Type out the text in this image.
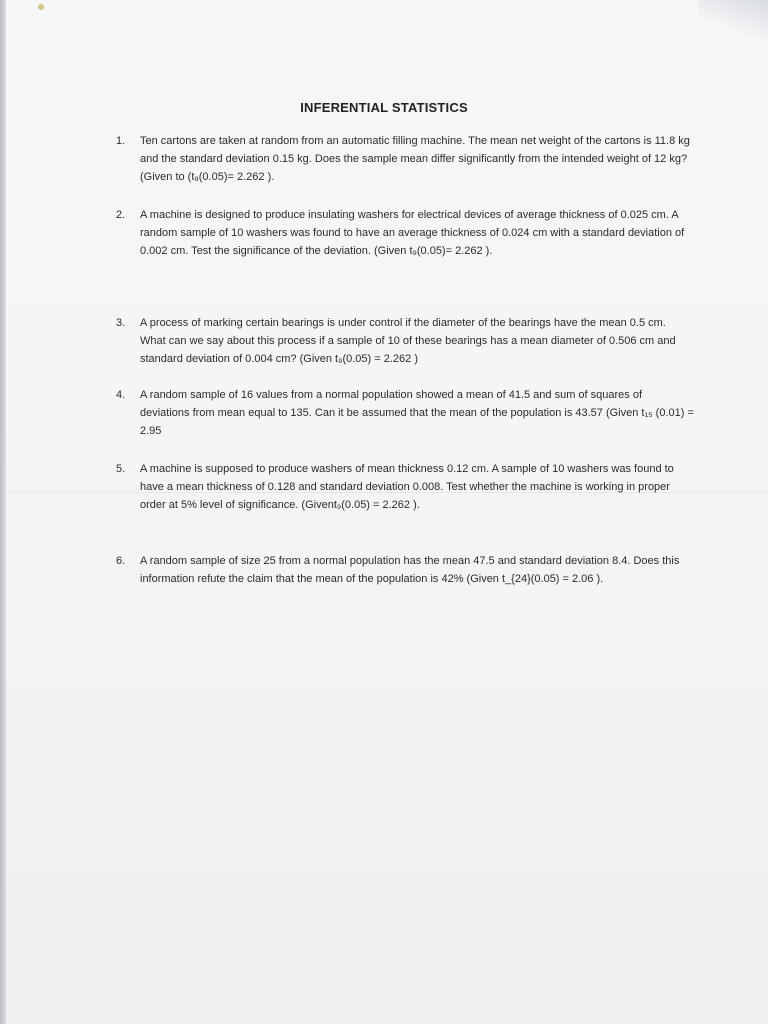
INFERENTIAL STATISTICS
1.	Ten cartons are taken at random from an automatic filling machine. The mean net weight of the cartons is 11.8 kg and the standard deviation 0.15 kg. Does the sample mean differ significantly from the intended weight of 12 kg? (Given to (t₉(0.05)= 2.262 ).
2.	A machine is designed to produce insulating washers for electrical devices of average thickness of 0.025 cm. A random sample of 10 washers was found to have an average thickness of 0.024 cm with a standard deviation of 0.002 cm. Test the significance of the deviation. (Given t₉(0.05)= 2.262 ).
3.	A process of marking certain bearings is under control if the diameter of the bearings have the mean 0.5 cm. What can we say about this process if a sample of 10 of these bearings has a mean diameter of 0.506 cm and standard deviation of 0.004 cm? (Given t₉(0.05) = 2.262 )
4.	A random sample of 16 values from a normal population showed a mean of 41.5 and sum of squares of deviations from mean equal to 135. Can it be assumed that the mean of the population is 43.57 (Given t₁₅ (0.01) = 2.95
5.	A machine is supposed to produce washers of mean thickness 0.12 cm. A sample of 10 washers was found to have a mean thickness of 0.128 and standard deviation 0.008. Test whether the machine is working in proper order at 5% level of significance. (Givent₉(0.05) = 2.262 ).
6.	A random sample of size 25 from a normal population has the mean 47.5 and standard deviation 8.4. Does this information refute the claim that the mean of the population is 42% (Given t_{24}(0.05) = 2.06 ).
